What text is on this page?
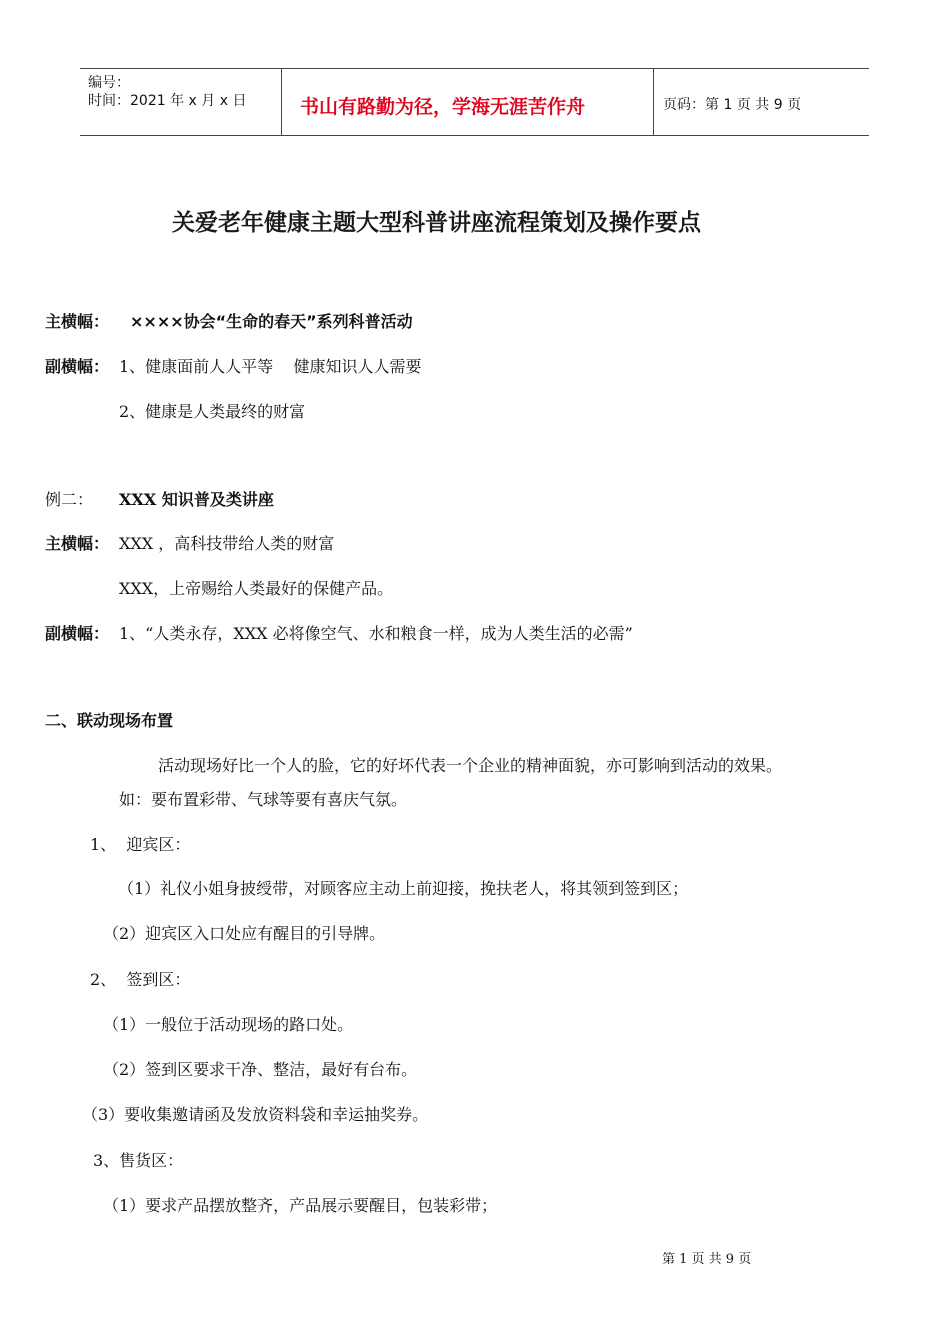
编号：
时间：2021 年 x 月 x 日	书山有路勤为径，学海无涯苦作舟	页码：第 1 页 共 9 页
关爱老年健康主题大型科普讲座流程策划及操作要点
主横幅： ××××协会“生命的春天”系列科普活动
副横幅： 1、健康面前人人平等    健康知识人人需要
2、健康是人类最终的财富
例二： XXX 知识普及类讲座
主横幅： XXX ，高科技带给人类的财富
XXX，上帝赐给人类最好的保健产品。
副横幅： 1、“人类永存，XXX 必将像空气、水和粮食一样，成为人类生活的必需”
二、联动现场布置
活动现场好比一个人的脸，它的好坏代表一个企业的精神面貌，亦可影响到活动的效果。
如：要布置彩带、气球等要有喜庆气氛。
1、  迎宾区：
（1）礼仪小姐身披绶带，对顾客应主动上前迎接，挽扶老人，将其领到签到区；
（2）迎宾区入口处应有醒目的引导牌。
2、  签到区：
（1）一般位于活动现场的路口处。
（2）签到区要求干净、整洁，最好有台布。
（3）要收集邀请函及发放资料袋和幸运抽奖券。
3、售货区：
（1）要求产品摆放整齐，产品展示要醒目，包装彩带；
第 1 页 共 9 页
